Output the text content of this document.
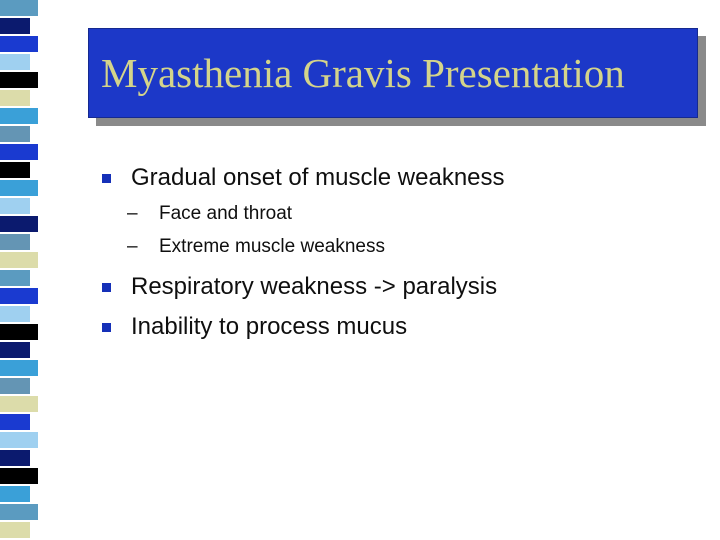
Myasthenia Gravis Presentation
Gradual onset of muscle weakness
– Face and throat
– Extreme muscle weakness
Respiratory weakness -> paralysis
Inability to process mucus
